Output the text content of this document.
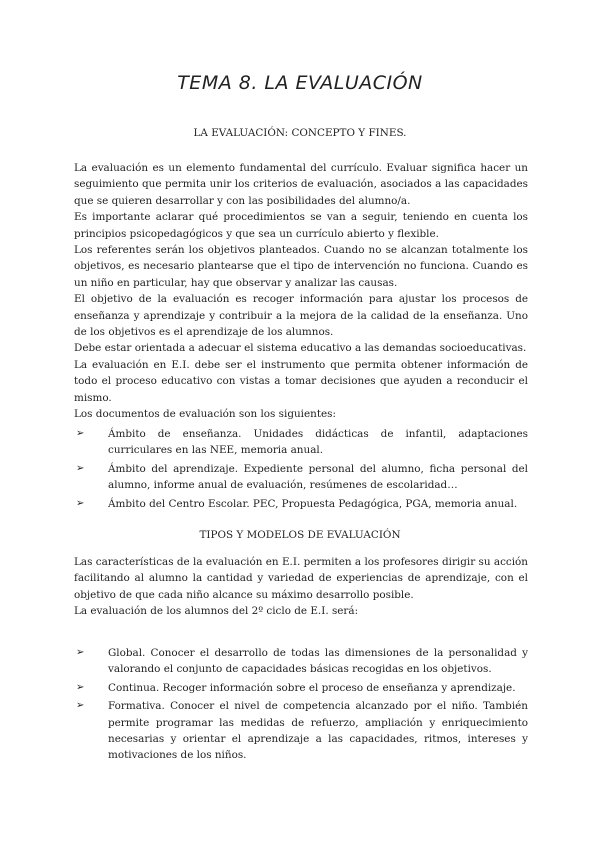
TEMA 8. LA EVALUACIÓN
LA EVALUACIÓN: CONCEPTO Y FINES.

La evaluación es un elemento fundamental del currículo. Evaluar significa hacer un seguimiento que permita unir los criterios de evaluación, asociados a las capacidades que se quieren desarrollar y con las posibilidades del alumno/a.

Es importante aclarar qué procedimientos se van a seguir, teniendo en cuenta los principios psicopedagógicos y que sea un currículo abierto y flexible.

Los referentes serán los objetivos planteados. Cuando no se alcanzan totalmente los objetivos, es necesario plantearse que el tipo de intervención no funciona. Cuando es un niño en particular, hay que observar y analizar las causas.

El objetivo de la evaluación es recoger información para ajustar los procesos de enseñanza y aprendizaje y contribuir a la mejora de la calidad de la enseñanza. Uno de los objetivos es el aprendizaje de los alumnos.

Debe estar orientada a adecuar el sistema educativo a las demandas socioeducativas.

La evaluación en E.I. debe ser el instrumento que permita obtener información de todo el proceso educativo con vistas a tomar decisiones que ayuden a reconducir el mismo.

Los documentos de evaluación son los siguientes:

➢ Ámbito de enseñanza. Unidades didácticas de infantil, adaptaciones curriculares en las NEE, memoria anual.
➢ Ámbito del aprendizaje. Expediente personal del alumno, ficha personal del alumno, informe anual de evaluación, resúmenes de escolaridad…
➢ Ámbito del Centro Escolar. PEC, Propuesta Pedagógica, PGA, memoria anual.
TIPOS Y MODELOS DE EVALUACIÓN

Las características de la evaluación en E.I. permiten a los profesores dirigir su acción facilitando al alumno la cantidad y variedad de experiencias de aprendizaje, con el objetivo de que cada niño alcance su máximo desarrollo posible.

La evaluación de los alumnos del 2º ciclo de E.I. será:

➢ Global. Conocer el desarrollo de todas las dimensiones de la personalidad y valorando el conjunto de capacidades básicas recogidas en los objetivos.
➢ Continua. Recoger información sobre el proceso de enseñanza y aprendizaje.
➢ Formativa. Conocer el nivel de competencia alcanzado por el niño. También permite programar las medidas de refuerzo, ampliación y enriquecimiento necesarias y orientar el aprendizaje a las capacidades, ritmos, intereses y motivaciones de los niños.
